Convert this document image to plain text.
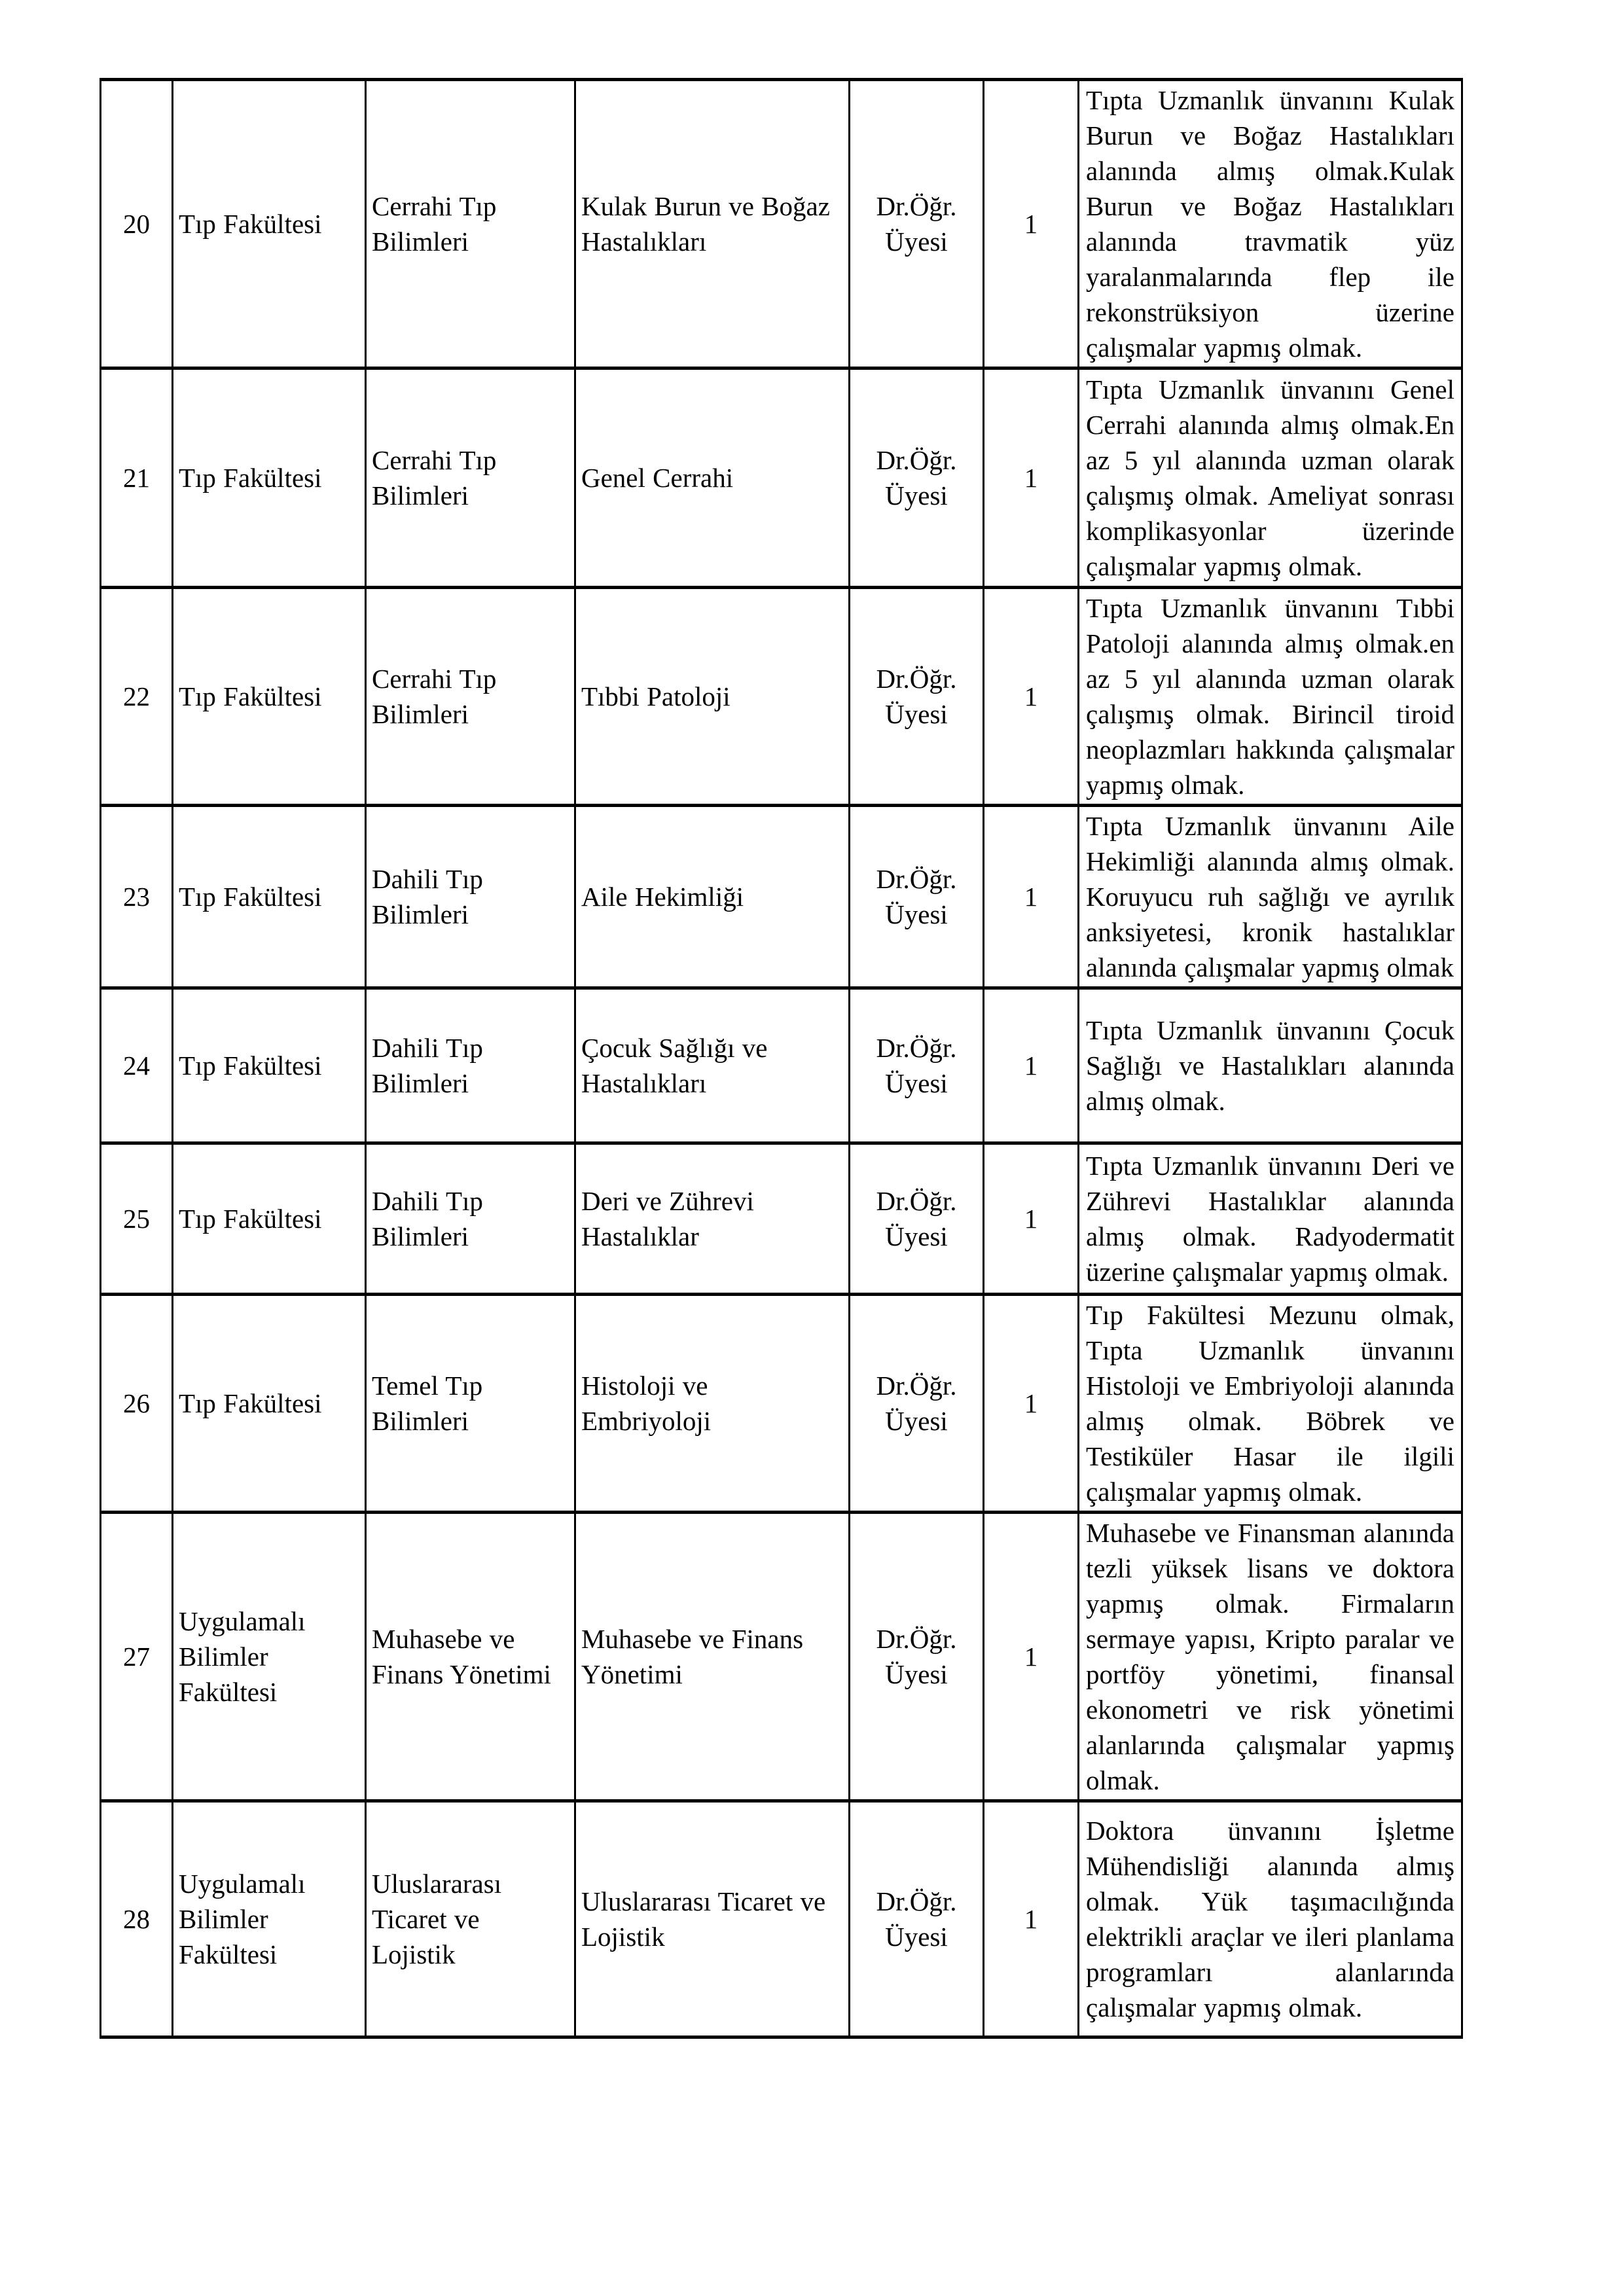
20	Tıp Fakültesi	Cerrahi Tıp Bilimleri	Kulak Burun ve Boğaz Hastalıkları	Dr.Öğr. Üyesi	1	Tıpta Uzmanlık ünvanını Kulak Burun ve Boğaz Hastalıkları alanında almış olmak.Kulak Burun ve Boğaz Hastalıkları alanında travmatik yüz yaralanmalarında flep ile rekonstrüksiyon üzerine çalışmalar yapmış olmak.
21	Tıp Fakültesi	Cerrahi Tıp Bilimleri	Genel Cerrahi	Dr.Öğr. Üyesi	1	Tıpta Uzmanlık ünvanını Genel Cerrahi alanında almış olmak.En az 5 yıl alanında uzman olarak çalışmış olmak. Ameliyat sonrası komplikasyonlar üzerinde çalışmalar yapmış olmak.
22	Tıp Fakültesi	Cerrahi Tıp Bilimleri	Tıbbi Patoloji	Dr.Öğr. Üyesi	1	Tıpta Uzmanlık ünvanını Tıbbi Patoloji alanında almış olmak.en az 5 yıl alanında uzman olarak çalışmış olmak. Birincil tiroid neoplazmları hakkında çalışmalar yapmış olmak.
23	Tıp Fakültesi	Dahili Tıp Bilimleri	Aile Hekimliği	Dr.Öğr. Üyesi	1	Tıpta Uzmanlık ünvanını Aile Hekimliği alanında almış olmak. Koruyucu ruh sağlığı ve ayrılık anksiyetesi, kronik hastalıklar alanında çalışmalar yapmış olmak
24	Tıp Fakültesi	Dahili Tıp Bilimleri	Çocuk Sağlığı ve Hastalıkları	Dr.Öğr. Üyesi	1	Tıpta Uzmanlık ünvanını Çocuk Sağlığı ve Hastalıkları alanında almış olmak.
25	Tıp Fakültesi	Dahili Tıp Bilimleri	Deri ve Zührevi Hastalıklar	Dr.Öğr. Üyesi	1	Tıpta Uzmanlık ünvanını Deri ve Zührevi Hastalıklar alanında almış olmak. Radyodermatit üzerine çalışmalar yapmış olmak.
26	Tıp Fakültesi	Temel Tıp Bilimleri	Histoloji ve Embriyoloji	Dr.Öğr. Üyesi	1	Tıp Fakültesi Mezunu olmak, Tıpta Uzmanlık ünvanını Histoloji ve Embriyoloji alanında almış olmak. Böbrek ve Testiküler Hasar ile ilgili çalışmalar yapmış olmak.
27	Uygulamalı Bilimler Fakültesi	Muhasebe ve Finans Yönetimi	Muhasebe ve Finans Yönetimi	Dr.Öğr. Üyesi	1	Muhasebe ve Finansman alanında tezli yüksek lisans ve doktora yapmış olmak. Firmaların sermaye yapısı, Kripto paralar ve portföy yönetimi, finansal ekonometri ve risk yönetimi alanlarında çalışmalar yapmış olmak.
28	Uygulamalı Bilimler Fakültesi	Uluslararası Ticaret ve Lojistik	Uluslararası Ticaret ve Lojistik	Dr.Öğr. Üyesi	1	Doktora ünvanını İşletme Mühendisliği alanında almış olmak. Yük taşımacılığında elektrikli araçlar ve ileri planlama programları alanlarında çalışmalar yapmış olmak.
